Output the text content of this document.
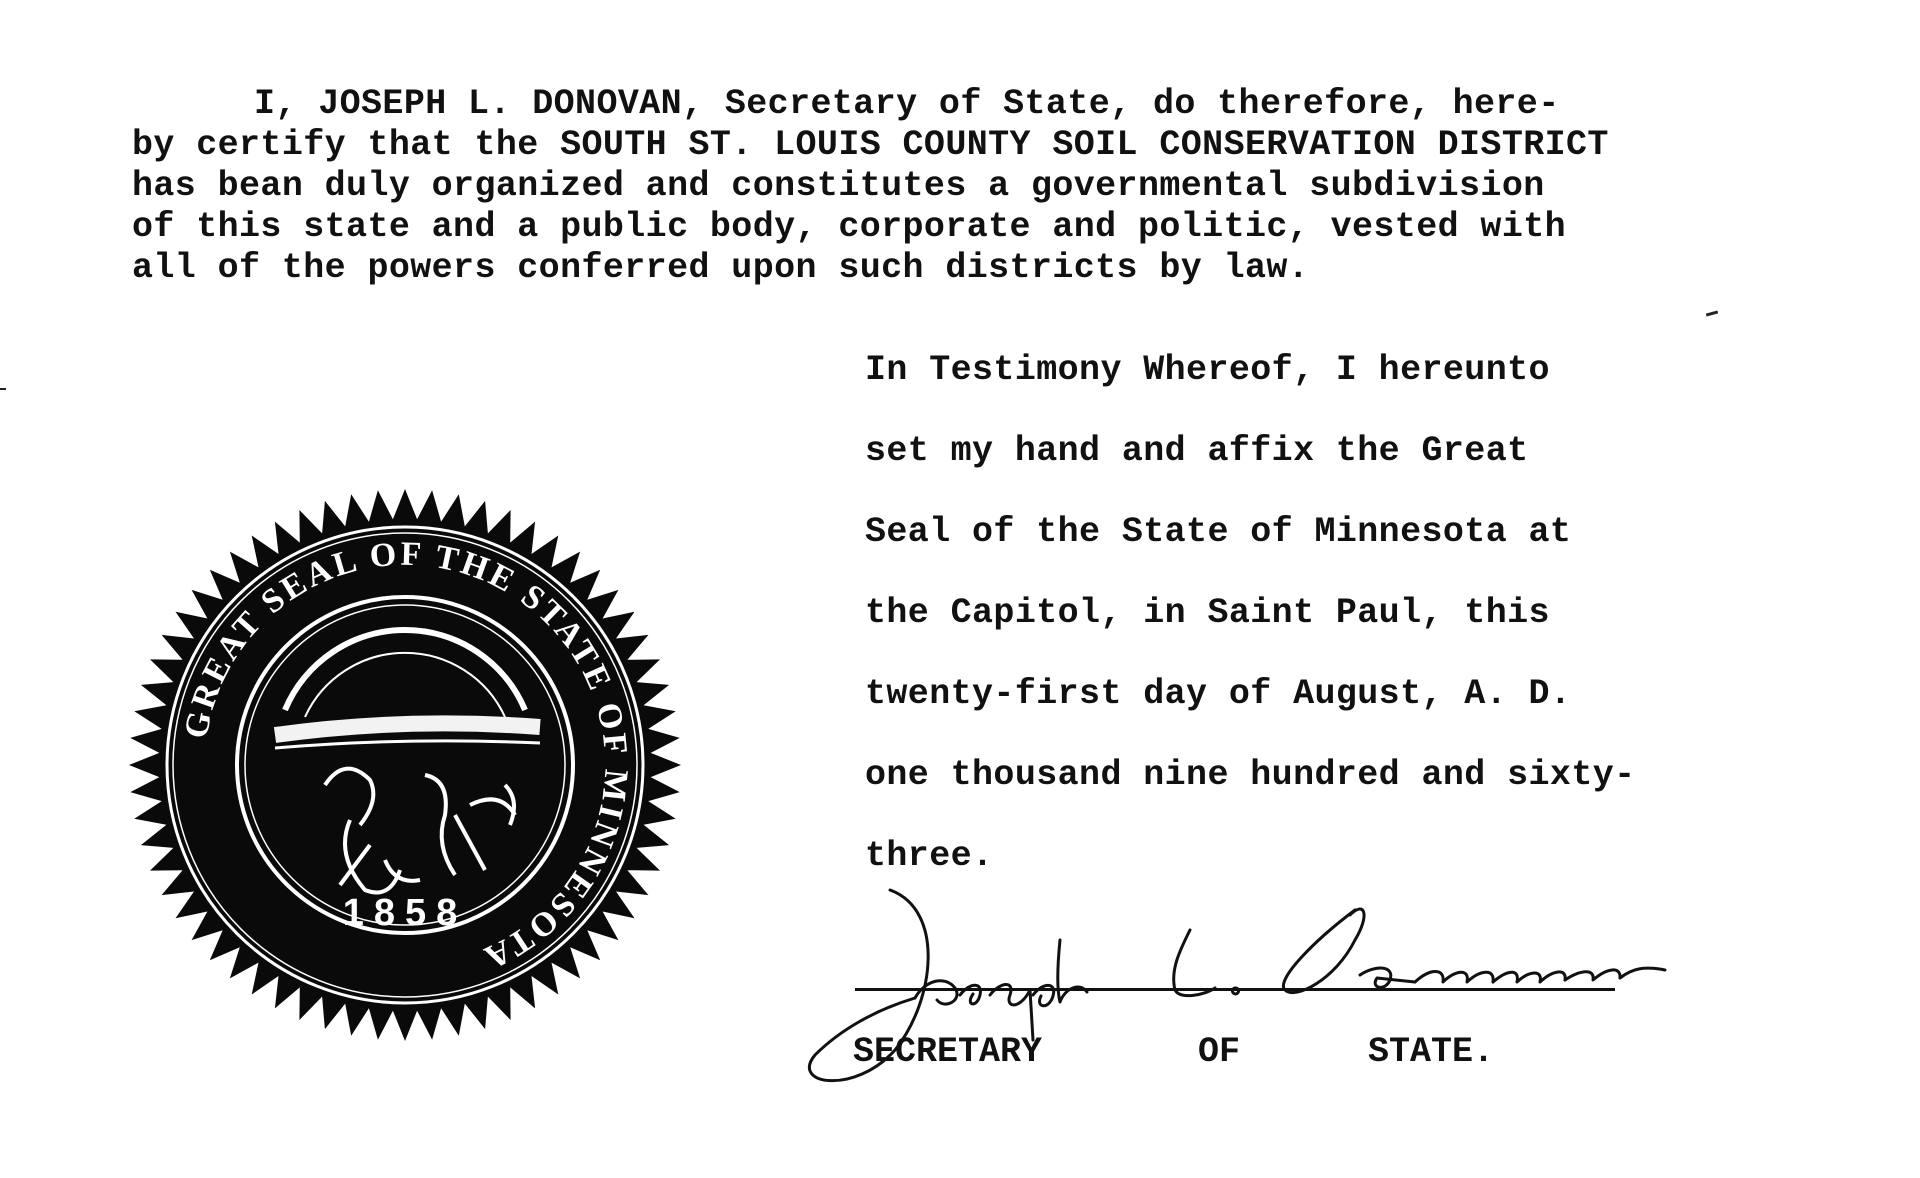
I, JOSEPH L. DONOVAN, Secretary of State, do therefore, here-
by certify that the SOUTH ST. LOUIS COUNTY SOIL CONSERVATION DISTRICT
has bean duly organized and constitutes a governmental subdivision
of this state and a public body, corporate and politic, vested with
all of the powers conferred upon such districts by law.
In Testimony Whereof, I hereunto
set my hand and affix the Great
Seal of the State of Minnesota at
the Capitol, in Saint Paul, this
twenty-first day of August, A. D.
one thousand nine hundred and sixty-
three.
GREAT SEAL OF THE STATE OF MINNESOTA
1858
SECRETARY	OF	STATE.
